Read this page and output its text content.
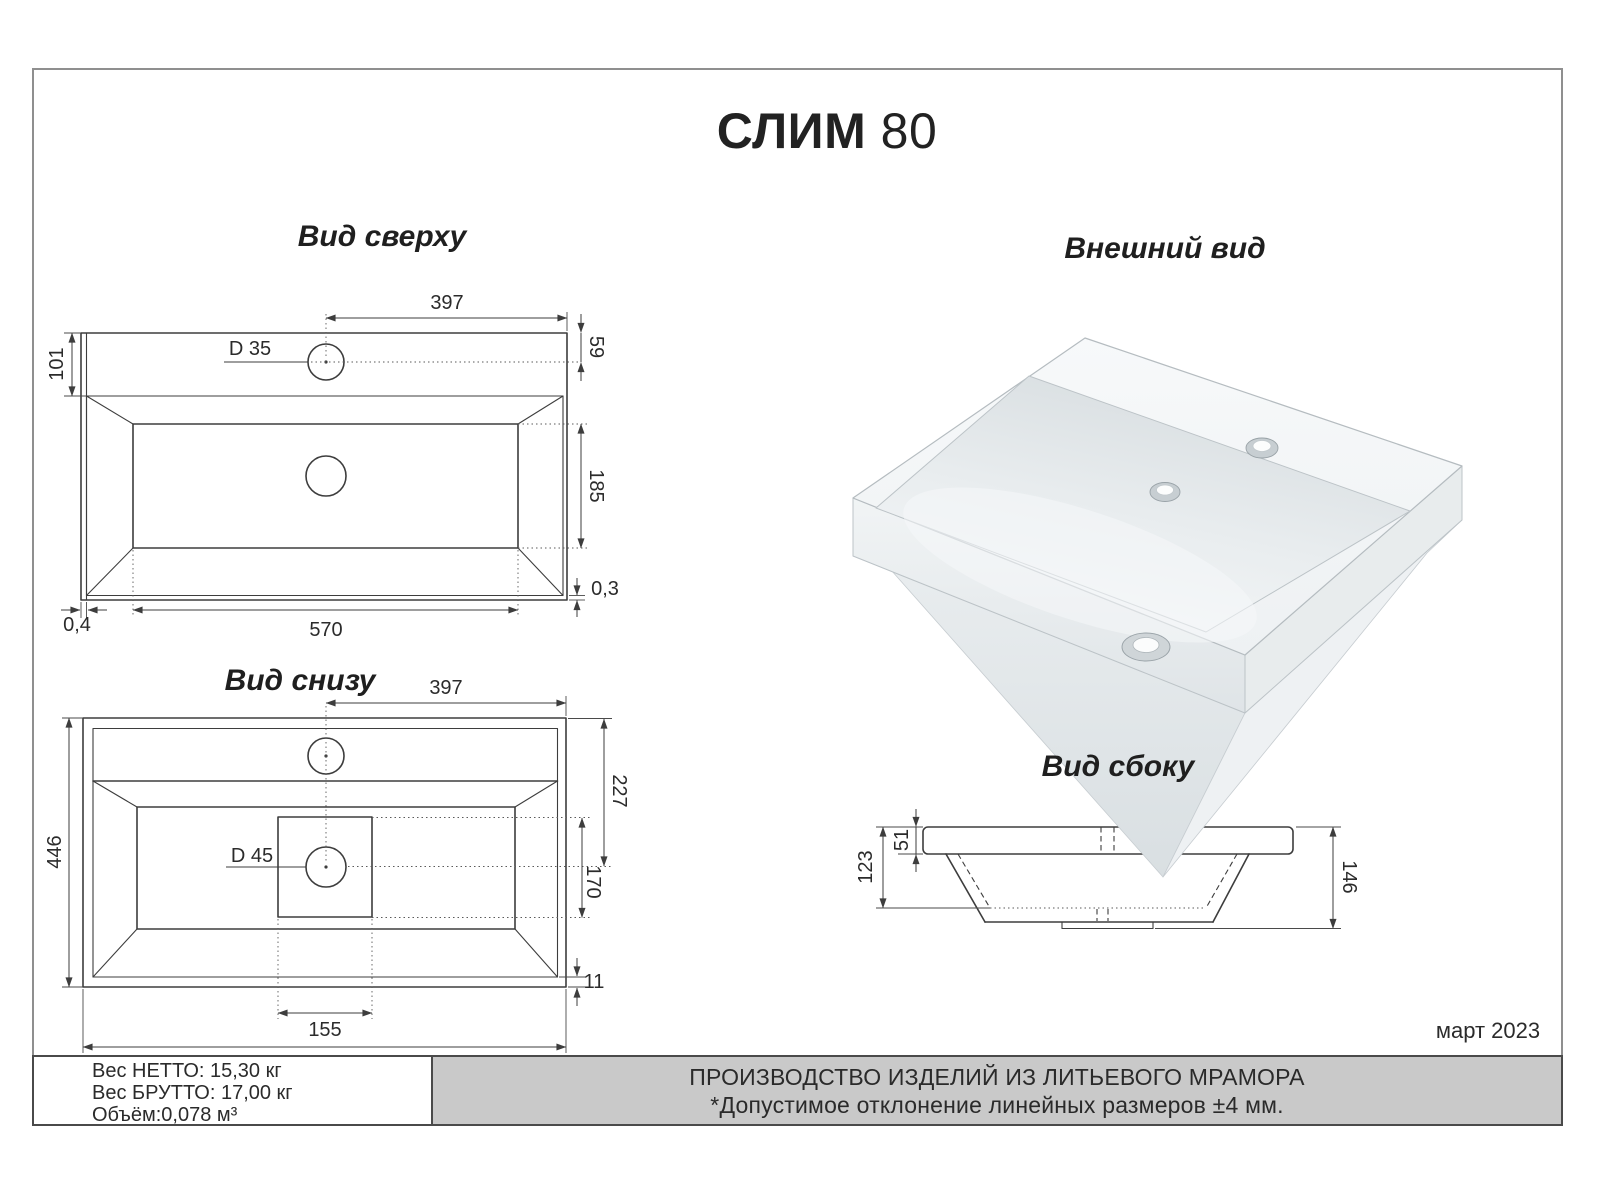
СЛИМ 80
Вид сверху	Внешний вид
Вид снизу
Вид сбоку
397
101
59
D 35
185
0,3
0,4	570
397
446
227
D 45
170
11
155
51
123	146
март 2023
Вес НЕТТО: 15,30 кг
Вес БРУТТО: 17,00 кг
Объём:0,078 м³
ПРОИЗВОДСТВО ИЗДЕЛИЙ ИЗ ЛИТЬЕВОГО МРАМОРА
*Допустимое отклонение линейных размеров ±4 мм.
